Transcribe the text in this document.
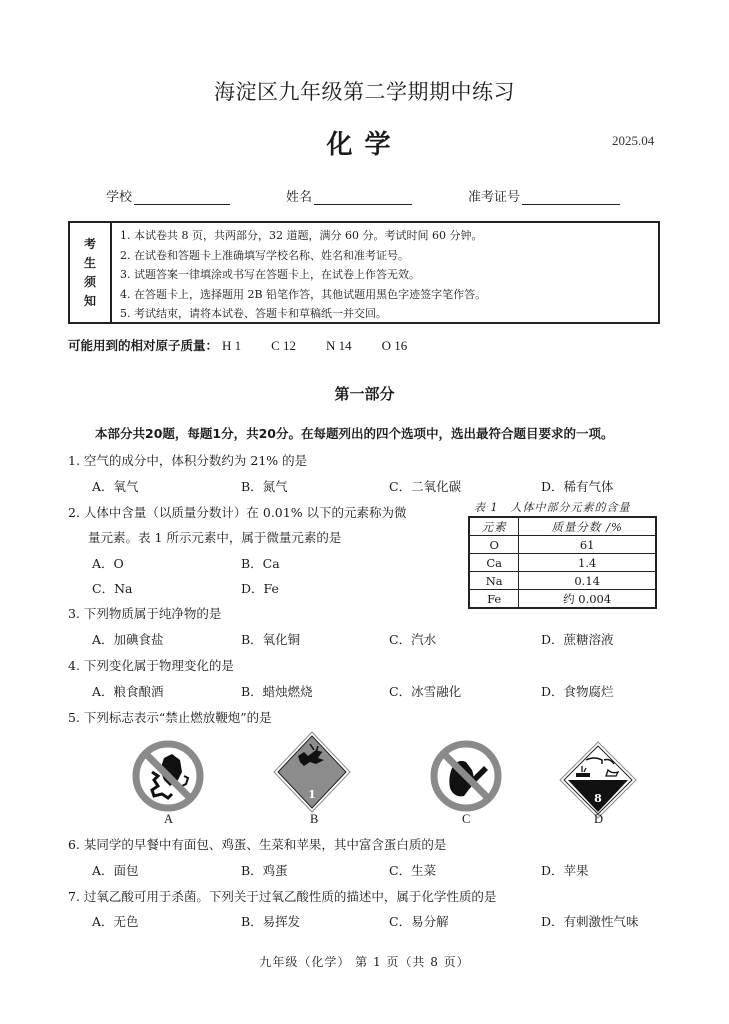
海淀区九年级第二学期期中练习
化学	2025.04
学校	姓名	准考证号
考
生
须
知
1. 本试卷共 8 页，共两部分，32 道题，满分 60 分。考试时间 60 分钟。
2. 在试卷和答题卡上准确填写学校名称、姓名和准考证号。
3. 试题答案一律填涂或书写在答题卡上，在试卷上作答无效。
4. 在答题卡上，选择题用 2B 铅笔作答，其他试题用黑色字迹签字笔作答。
5. 考试结束，请将本试卷、答题卡和草稿纸一并交回。
可能用到的相对原子质量： H 1 C 12 N 14 O 16
第一部分
本部分共20题，每题1分，共20分。在每题列出的四个选项中，选出最符合题目要求的一项。
1. 空气的成分中，体积分数约为 21% 的是
A．氧气	B．氮气	C．二氧化碳	D．稀有气体
2. 人体中含量（以质量分数计）在 0.01% 以下的元素称为微
量元素。表 1 所示元素中，属于微量元素的是
A．O	B．Ca
C．Na	D．Fe
表 1　人体中部分元素的含量
元素	质量分数 /%
O	61
Ca	1.4
Na	0.14
Fe	约 0.004
3. 下列物质属于纯净物的是
A．加碘食盐	B．氧化铜	C．汽水	D．蔗糖溶液
4. 下列变化属于物理变化的是
A．粮食酿酒	B．蜡烛燃烧	C．冰雪融化	D．食物腐烂
5. 下列标志表示“禁止燃放鞭炮”的是
A
1
B	C
8
D
6. 某同学的早餐中有面包、鸡蛋、生菜和苹果，其中富含蛋白质的是
A．面包	B．鸡蛋	C．生菜	D．苹果
7. 过氧乙酸可用于杀菌。下列关于过氧乙酸性质的描述中，属于化学性质的是
A．无色	B．易挥发	C．易分解	D．有刺激性气味
九年级（化学） 第 1 页（共 8 页）
